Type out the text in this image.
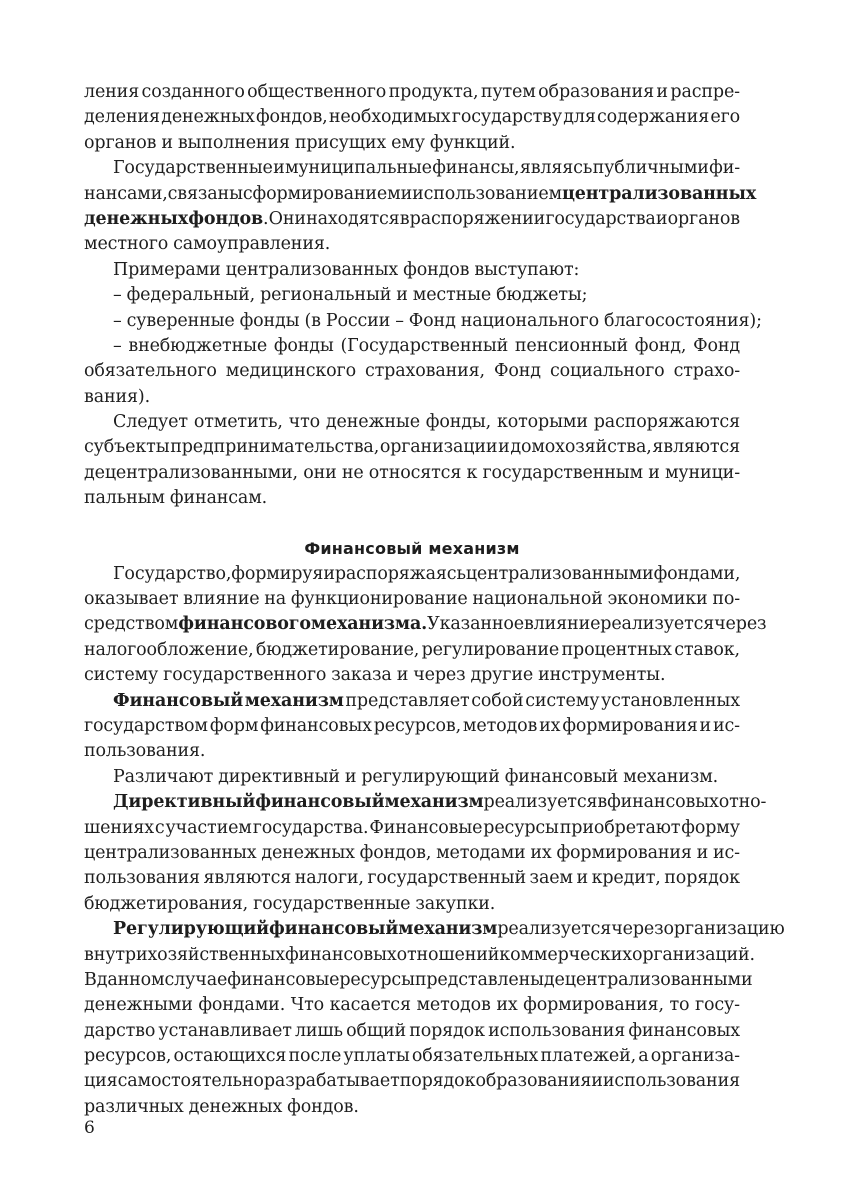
ления созданного общественного продукта, путем образования и распре-
деления денежных фондов, необходимых государству для содержания его
органов и выполнения присущих ему функций.
Государственные и муниципальные финансы, являясь публичными фи-
нансами, связаны с формированием и использованием централизованных
денежных фондов. Они находятся в распоряжении государства и органов
местного самоуправления.
Примерами централизованных фондов выступают:
– федеральный, региональный и местные бюджеты;
– суверенные фонды (в России – Фонд национального благосостояния);
– внебюджетные фонды (Государственный пенсионный фонд, Фонд
обязательного медицинского страхования, Фонд социального страхо-
вания).
Следует отметить, что денежные фонды, которыми распоряжаются
субъекты предпринимательства, организации и домохозяйства, являются
децентрализованными, они не относятся к государственным и муници-
пальным финансам.
Финансовый механизм
Государство, формируя и распоряжаясь централизованными фондами,
оказывает влияние на функционирование национальной экономики по-
средством финансового механизма. Указанное влияние реализуется через
налогообложение, бюджетирование, регулирование процентных ставок,
систему государственного заказа и через другие инструменты.
Финансовый механизм представляет собой систему установленных
государством форм финансовых ресурсов, методов их формирования и ис-
пользования.
Различают директивный и регулирующий финансовый механизм.
Директивный финансовый механизм реализуется в финансовых отно-
шениях с участием государства. Финансовые ресурсы приобретают форму
централизованных денежных фондов, методами их формирования и ис-
пользования являются налоги, государственный заем и кредит, порядок
бюджетирования, государственные закупки.
Регулирующий финансовый механизм реализуется через организацию
внутрихозяйственных финансовых отношений коммерческих организаций.
В данном случае финансовые ресурсы представлены децентрализованными
денежными фондами. Что касается методов их формирования, то госу-
дарство устанавливает лишь общий порядок использования финансовых
ресурсов, остающихся после уплаты обязательных платежей, а организа-
ция самостоятельно разрабатывает порядок образования и использования
различных денежных фондов.
6
